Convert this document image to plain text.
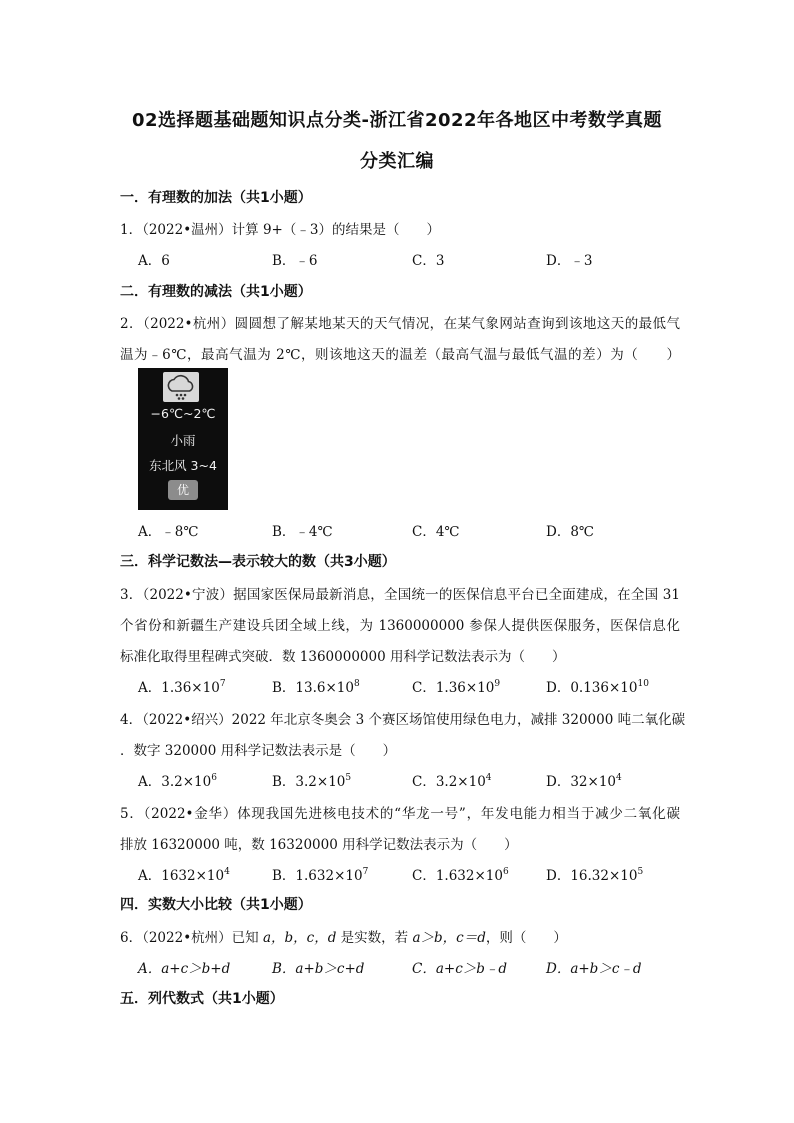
02选择题基础题知识点分类-浙江省2022年各地区中考数学真题
分类汇编
一．有理数的加法（共1小题）
1．（2022•温州）计算 9+（﹣3）的结果是（　　）
A．6	B．﹣6	C．3	D．﹣3
二．有理数的减法（共1小题）
2．（2022•杭州）圆圆想了解某地某天的天气情况，在某气象网站查询到该地这天的最低气
温为﹣6℃，最高气温为 2℃，则该地这天的温差（最高气温与最低气温的差）为（　　）
−6℃~2℃
小雨
东北风 3~4
优
A．﹣8℃	B．﹣4℃	C．4℃	D．8℃
三．科学记数法—表示较大的数（共3小题）
3．（2022•宁波）据国家医保局最新消息，全国统一的医保信息平台已全面建成，在全国 31
个省份和新疆生产建设兵团全域上线，为 1360000000 参保人提供医保服务，医保信息化
标准化取得里程碑式突破．数 1360000000 用科学记数法表示为（　　）
A．$1.36\times 10^7$	B．$13.6\times 10^8$	C．$1.36\times 10^9$	D．$0.136\times 10^{10}$
4．（2022•绍兴）2022 年北京冬奥会 3 个赛区场馆使用绿色电力，减排 320000 吨二氧化碳
．数字 320000 用科学记数法表示是（　　）
A．$3.2\times 10^6$	B．$3.2\times 10^5$	C．$3.2\times 10^4$	D．$32\times 10^4$
5．（2022•金华）体现我国先进核电技术的“华龙一号”，年发电能力相当于减少二氧化碳
排放 16320000 吨，数 16320000 用科学记数法表示为（　　）
A．$1632\times 10^4$	B．$1.632\times 10^7$	C．$1.632\times 10^6$	D．$16.32\times 10^5$
四．实数大小比较（共1小题）
6．（2022•杭州）已知 a，b，c，d 是实数，若 a＞b，c＝d，则（　　）
A．a+c＞b+d	B．a+b＞c+d	C．a+c＞b﹣d	D．a+b＞c﹣d
五．列代数式（共1小题）
